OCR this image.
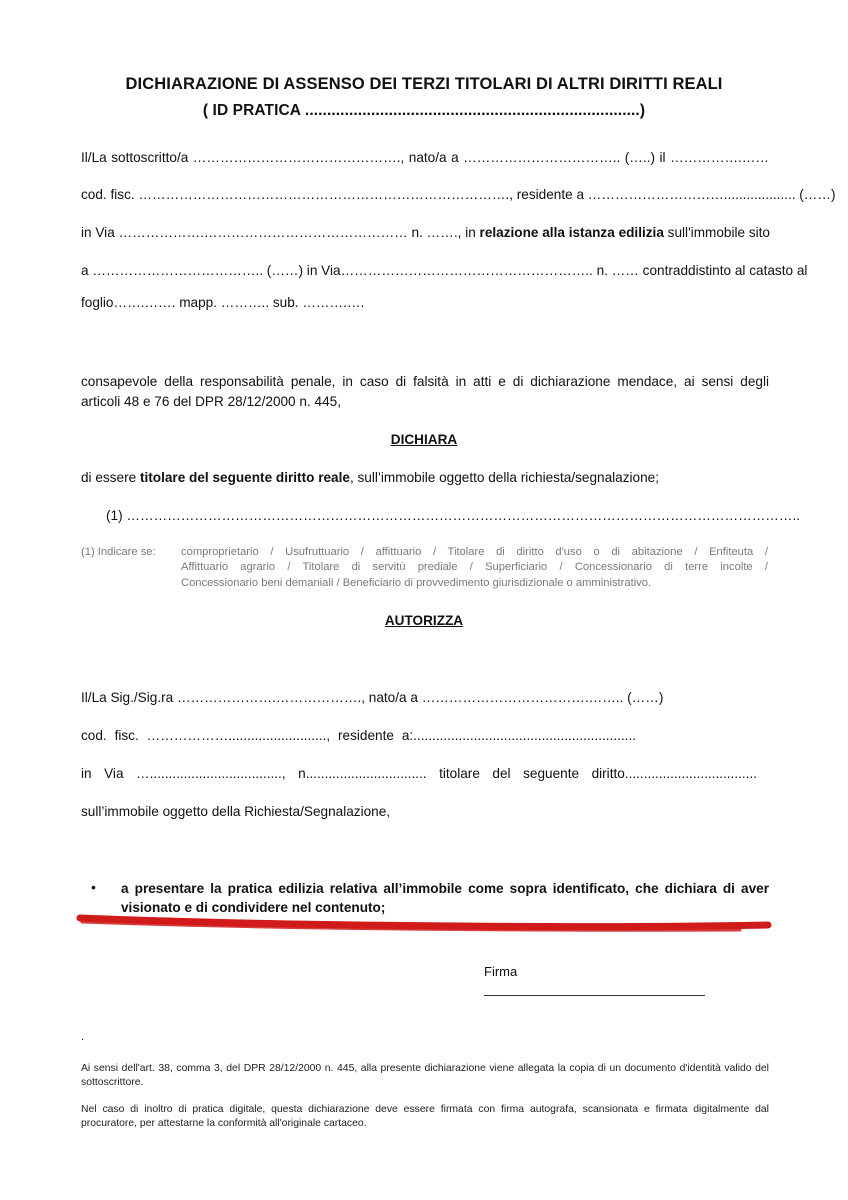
DICHIARAZIONE DI ASSENSO DEI TERZI TITOLARI DI ALTRI DIRITTI REALI
( ID PRATICA ............................................................................)
Il/La sottoscritto/a ………………………………………., nato/a a …………………………….. (…..) il …………….……
cod. fisc. ………………………………………………………………………., residente a …………………………................... (……)
in Via ……………….……………………………………… n. ……., in relazione alla istanza edilizia sull'immobile sito
a ……………………………….. (……) in Via……………………………………………….. n. …… contraddistinto al catasto al
foglio…….……. mapp. ……….. sub. ……….….
consapevole della responsabilità penale, in caso di falsità in atti e di dichiarazione mendace, ai sensi degli
articoli 48 e 76 del DPR 28/12/2000 n. 445,
DICHIARA
di essere titolare del seguente diritto reale, sull’immobile oggetto della richiesta/segnalazione;
(1) …………………………………………………………………………………………………………………………………..
(1) Indicare se: comproprietario / Usufruttuario / affittuario / Titolare di diritto d'uso o di abitazione / Enfiteuta /
Affittuario agrario / Titolare di servitù prediale / Superficiario / Concessionario di terre incolte /
Concessionario beni demaniali / Beneficiario di provvedimento giurisdizionale o amministrativo.
AUTORIZZA
Il/La Sig./Sig.ra ………………….………………., nato/a a ……………………………….…….. (……)
cod. fisc. ……………….........................., residente a:...........................................................
in Via …..................................., n................................ titolare del seguente diritto...................................
sull’immobile oggetto della Richiesta/Segnalazione,
• a presentare la pratica edilizia relativa all’immobile come sopra identificato, che dichiara di aver
visionato e di condividere nel contenuto;
Firma
.
Ai sensi dell'art. 38, comma 3, del DPR 28/12/2000 n. 445, alla presente dichiarazione viene allegata la copia di un documento d'identità valido del
sottoscrittore.
Nel caso di inoltro di pratica digitale, questa dichiarazione deve essere firmata con firma autografa, scansionata e firmata digitalmente dal
procuratore, per attestarne la conformità all'originale cartaceo.
